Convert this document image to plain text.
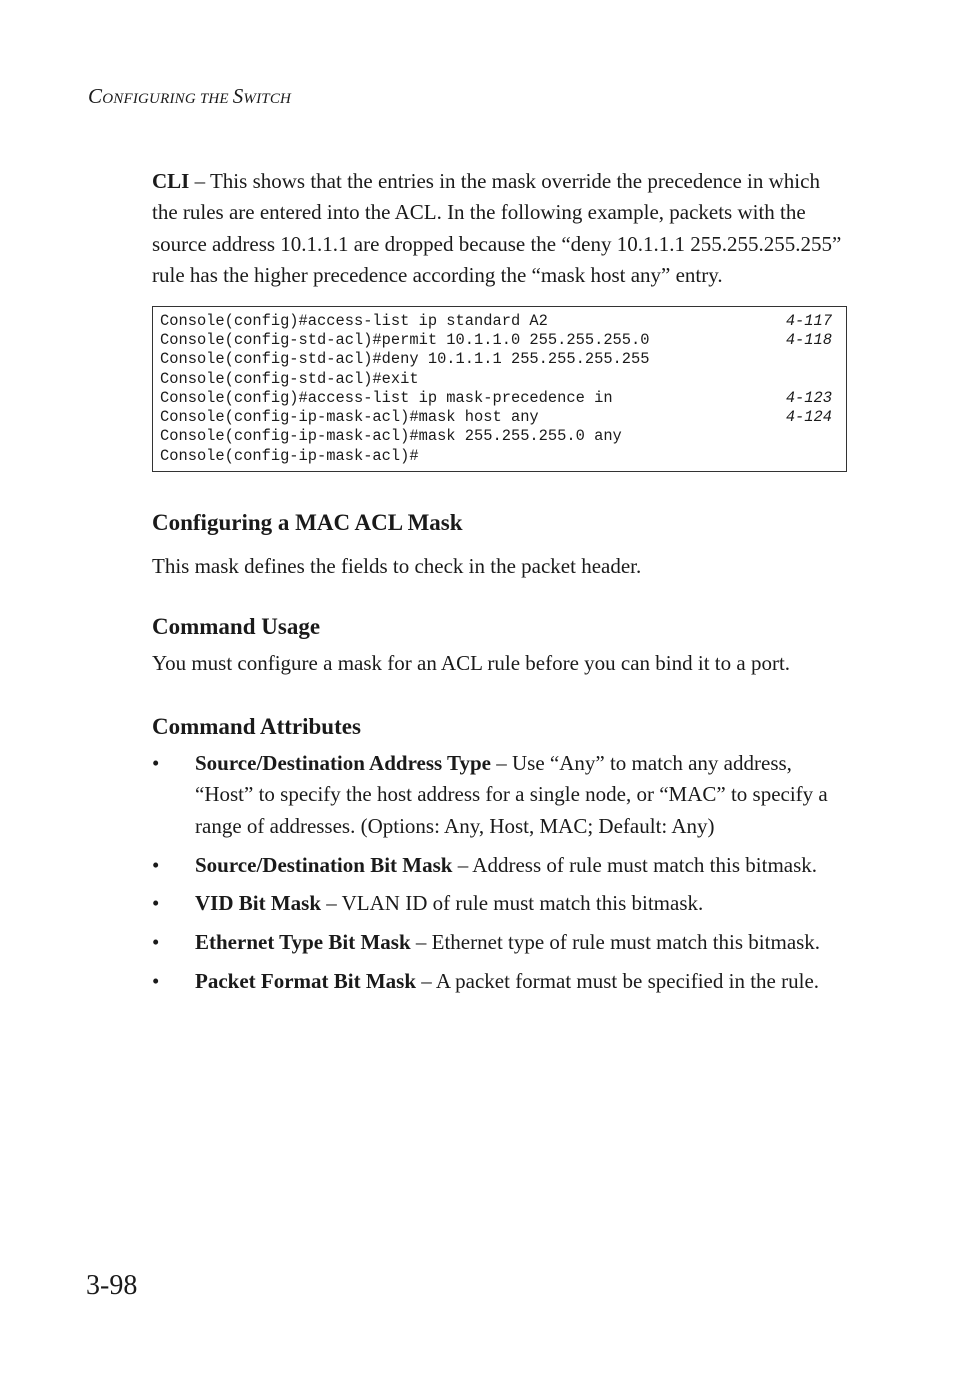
CONFIGURING THE SWITCH

CLI – This shows that the entries in the mask override the precedence in which the rules are entered into the ACL. In the following example, packets with the source address 10.1.1.1 are dropped because the “deny 10.1.1.1 255.255.255.255” rule has the higher precedence according the “mask host any” entry.

Console(config)#access-list ip standard A2	4-117
Console(config-std-acl)#permit 10.1.1.0 255.255.255.0	4-118
Console(config-std-acl)#deny 10.1.1.1 255.255.255.255
Console(config-std-acl)#exit
Console(config)#access-list ip mask-precedence in	4-123
Console(config-ip-mask-acl)#mask host any	4-124
Console(config-ip-mask-acl)#mask 255.255.255.0 any
Console(config-ip-mask-acl)#
Configuring a MAC ACL Mask

This mask defines the fields to check in the packet header.

Command Usage

You must configure a mask for an ACL rule before you can bind it to a port.

Command Attributes
• Source/Destination Address Type – Use “Any” to match any address, “Host” to specify the host address for a single node, or “MAC” to specify a range of addresses. (Options: Any, Host, MAC; Default: Any)
• Source/Destination Bit Mask – Address of rule must match this bitmask.
• VID Bit Mask – VLAN ID of rule must match this bitmask.
• Ethernet Type Bit Mask – Ethernet type of rule must match this bitmask.
• Packet Format Bit Mask – A packet format must be specified in the rule.
3-98
